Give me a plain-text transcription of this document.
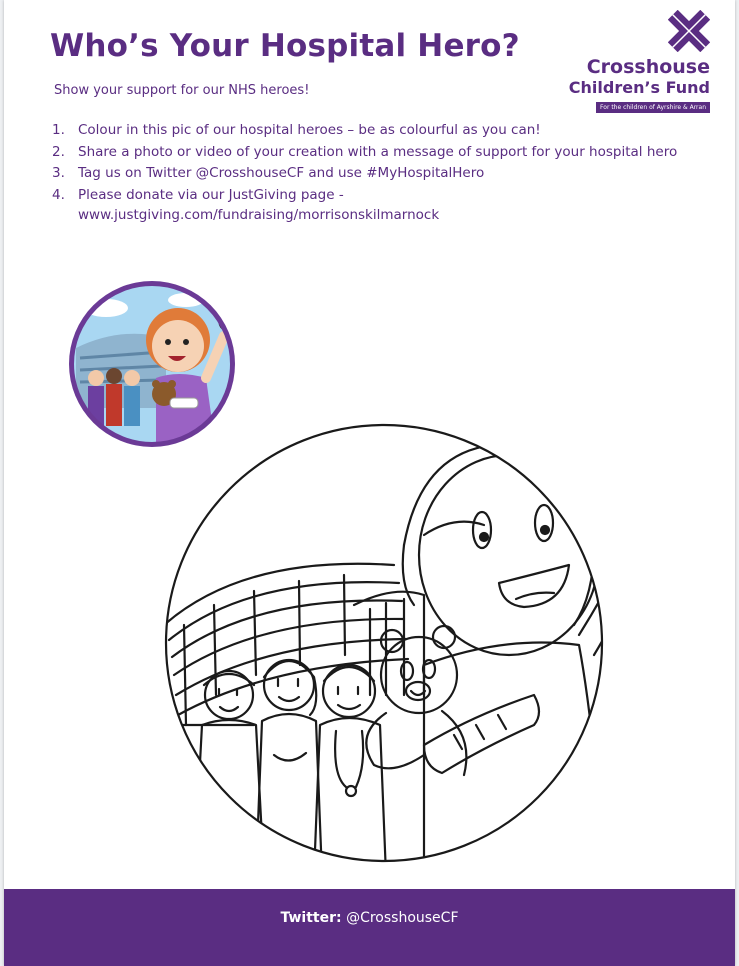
Who’s Your Hospital Hero?
Show your support for our NHS heroes!
Crosshouse
Children’s Fund
For the children of Ayrshire & Arran
1. Colour in this pic of our hospital heroes – be as colourful as you can!
2. Share a photo or video of your creation with a message of support for your hospital hero
3. Tag us on Twitter @CrosshouseCF and use #MyHospitalHero
4. Please donate via our JustGiving page - www.justgiving.com/fundraising/morrisonskilmarnock
Twitter: @CrosshouseCF
